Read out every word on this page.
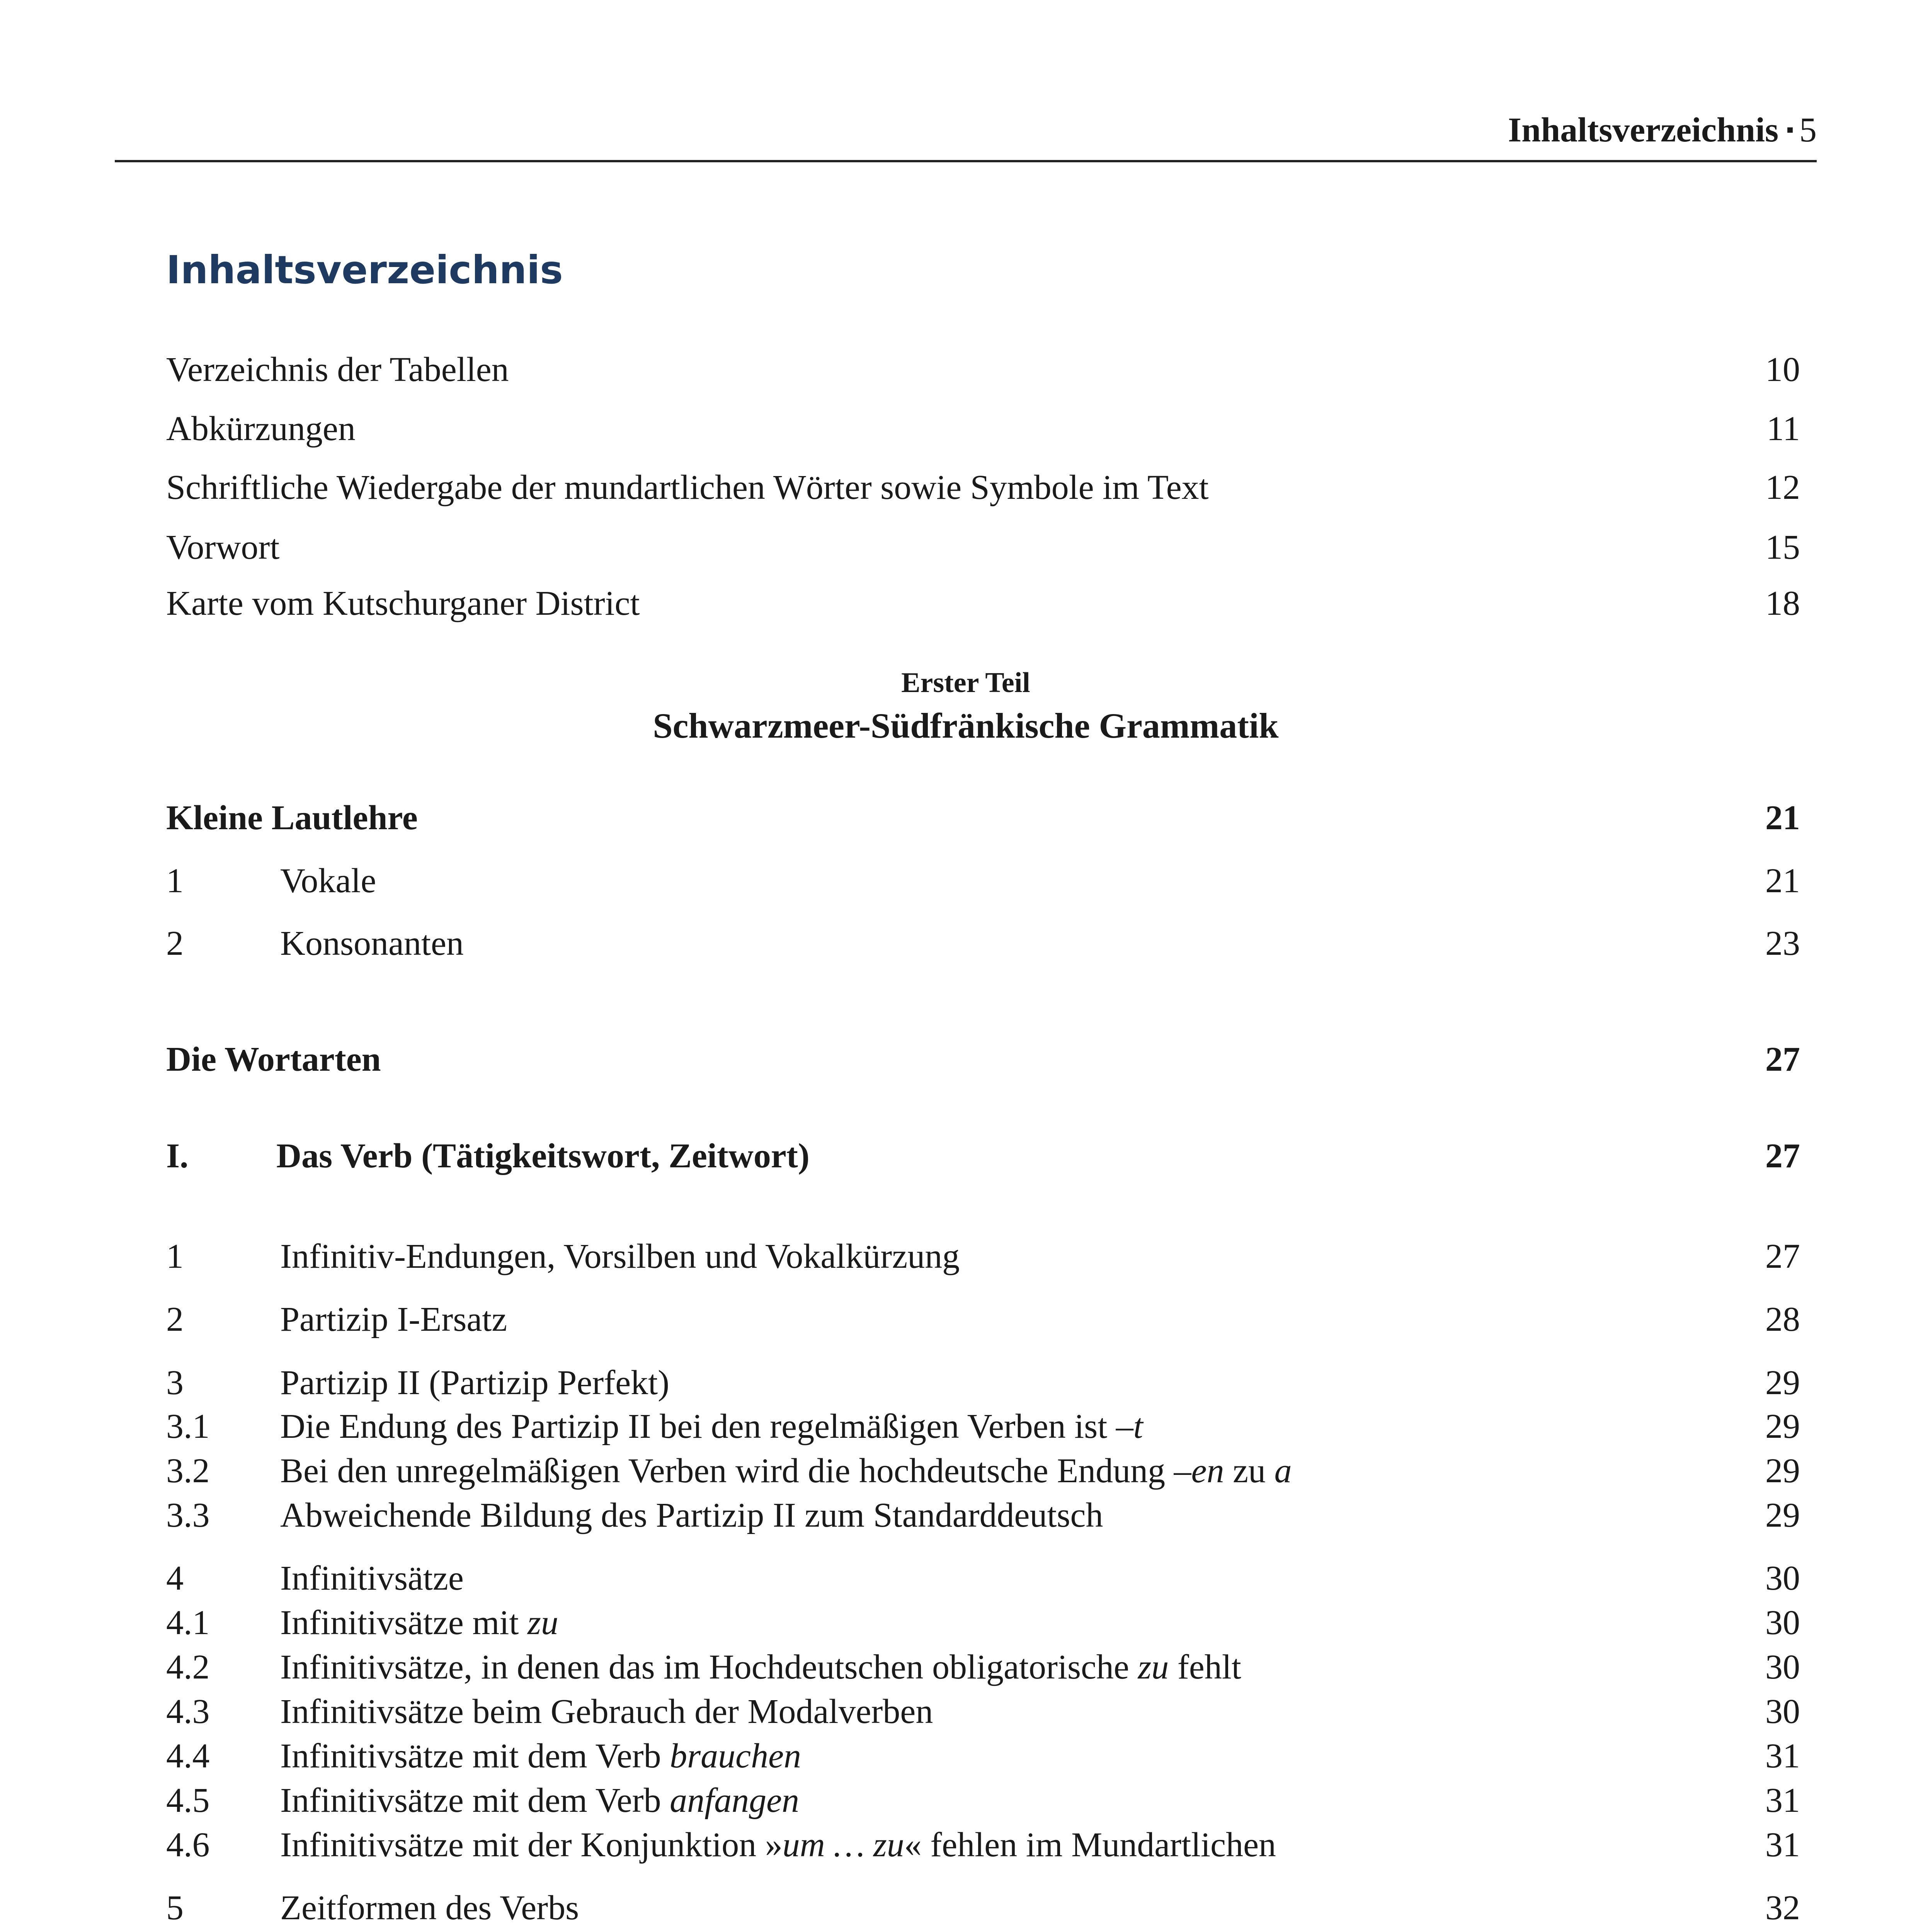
Inhaltsverzeichnis ▪ 5
Inhaltsverzeichnis
Verzeichnis der Tabellen	10
Abkürzungen	11
Schriftliche Wiedergabe der mundartlichen Wörter sowie Symbole im Text	12
Vorwort	15
Karte vom Kutschurganer District	18
Erster Teil
Schwarzmeer-Südfränkische Grammatik
Kleine Lautlehre	21
1	Vokale	21
2	Konsonanten	23
Die Wortarten	27
I.	Das Verb (Tätigkeitswort, Zeitwort)	27
1	Infinitiv-Endungen, Vorsilben und Vokalkürzung	27
2	Partizip I-Ersatz	28
3	Partizip II (Partizip Perfekt)	29
3.1 Die Endung des Partizip II bei den regelmäßigen Verben ist –t	29
3.2 Bei den unregelmäßigen Verben wird die hochdeutsche Endung –en zu a	29
3.3 Abweichende Bildung des Partizip II zum Standarddeutsch	29
4	Infinitivsätze	30
4.1 Infinitivsätze mit zu	30
4.2 Infinitivsätze, in denen das im Hochdeutschen obligatorische zu fehlt	30
4.3 Infinitivsätze beim Gebrauch der Modalverben	30
4.4 Infinitivsätze mit dem Verb brauchen	31
4.5 Infinitivsätze mit dem Verb anfangen	31
4.6 Infinitivsätze mit der Konjunktion »um … zu« fehlen im Mundartlichen	31
5	Zeitformen des Verbs	32
